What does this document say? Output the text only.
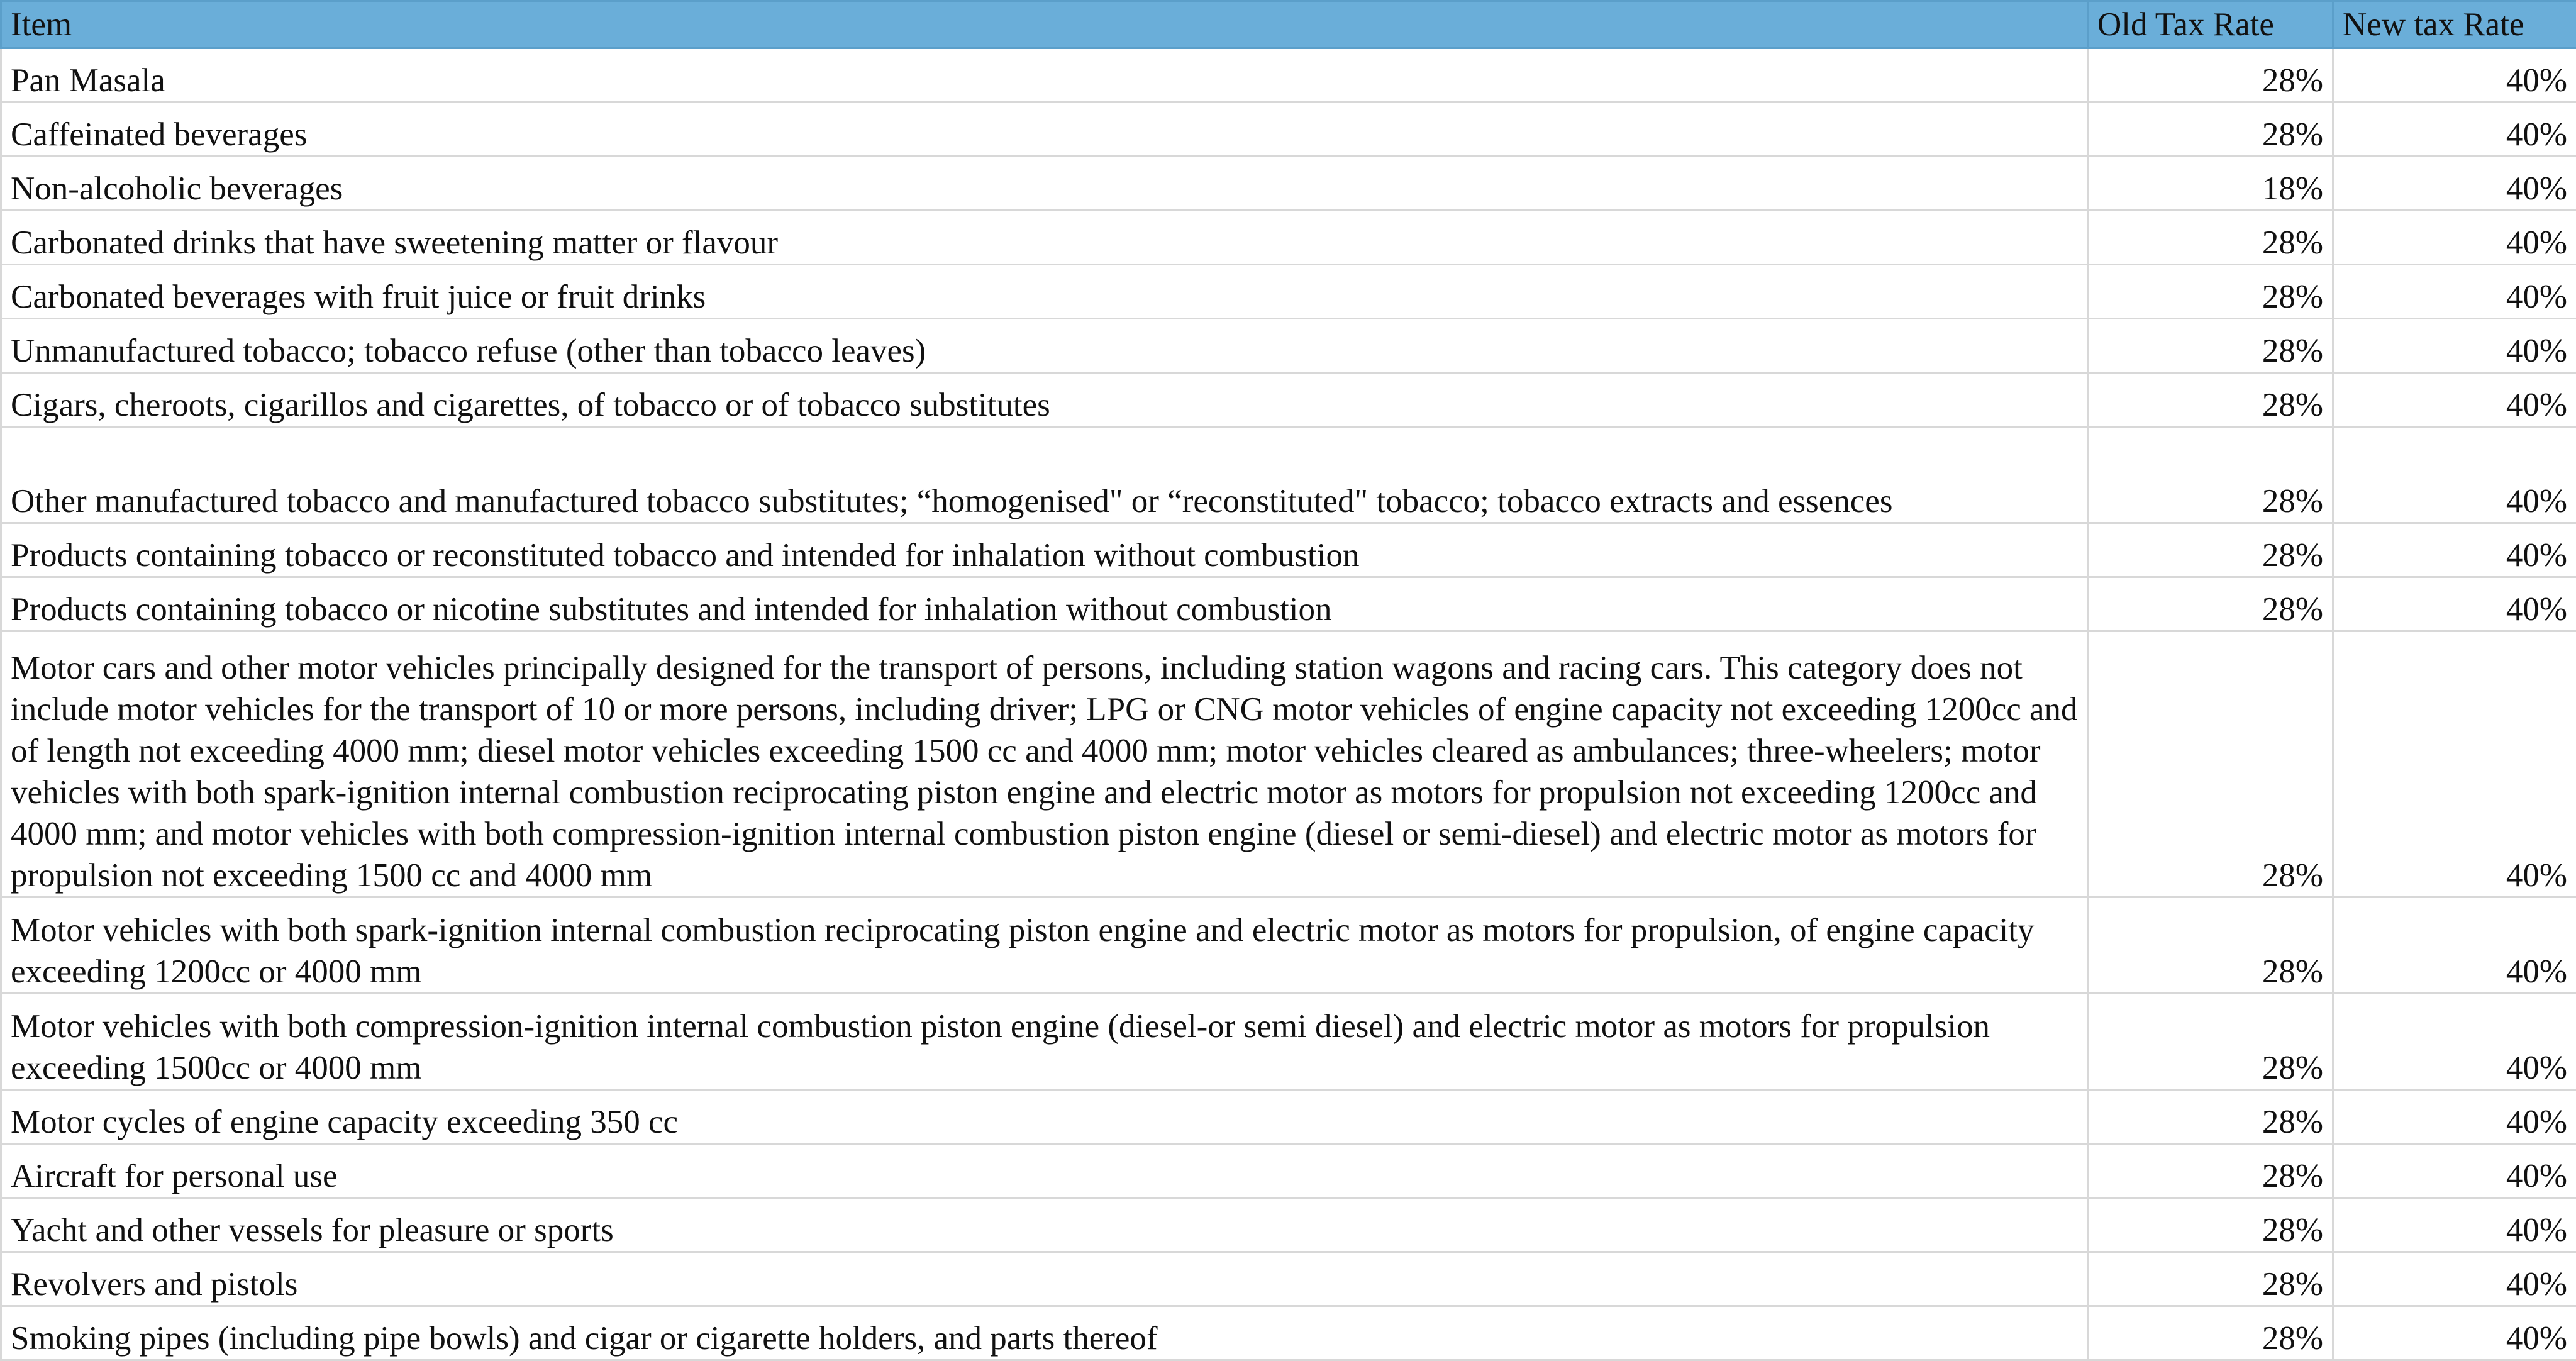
Item	Old Tax Rate	New tax Rate
Pan Masala	28%	40%
Caffeinated beverages	28%	40%
Non-alcoholic beverages	18%	40%
Carbonated drinks that have sweetening matter or flavour	28%	40%
Carbonated beverages with fruit juice or fruit drinks	28%	40%
Unmanufactured tobacco; tobacco refuse (other than tobacco leaves)	28%	40%
Cigars, cheroots, cigarillos and cigarettes, of tobacco or of tobacco substitutes	28%	40%
Other manufactured tobacco and manufactured tobacco substitutes; “homogenised" or “reconstituted" tobacco; tobacco extracts and essences	28%	40%
Products containing tobacco or reconstituted tobacco and intended for inhalation without combustion	28%	40%
Products containing tobacco or nicotine substitutes and intended for inhalation without combustion	28%	40%
Motor cars and other motor vehicles principally designed for the transport of persons, including station wagons and racing cars. This category does not include motor vehicles for the transport of 10 or more persons, including driver; LPG or CNG motor vehicles of engine capacity not exceeding 1200cc and of length not exceeding 4000 mm; diesel motor vehicles exceeding 1500 cc and 4000 mm; motor vehicles cleared as ambulances; three-wheelers; motor vehicles with both spark-ignition internal combustion reciprocating piston engine and electric motor as motors for propulsion not exceeding 1200cc and 4000 mm; and motor vehicles with both compression-ignition internal combustion piston engine (diesel or semi-diesel) and electric motor as motors for propulsion not exceeding 1500 cc and 4000 mm	28%	40%
Motor vehicles with both spark-ignition internal combustion reciprocating piston engine and electric motor as motors for propulsion, of engine capacity exceeding 1200cc or 4000 mm	28%	40%
Motor vehicles with both compression-ignition internal combustion piston engine (diesel-or semi diesel) and electric motor as motors for propulsion exceeding 1500cc or 4000 mm	28%	40%
Motor cycles of engine capacity exceeding 350 cc	28%	40%
Aircraft for personal use	28%	40%
Yacht and other vessels for pleasure or sports	28%	40%
Revolvers and pistols	28%	40%
Smoking pipes (including pipe bowls) and cigar or cigarette holders, and parts thereof	28%	40%
